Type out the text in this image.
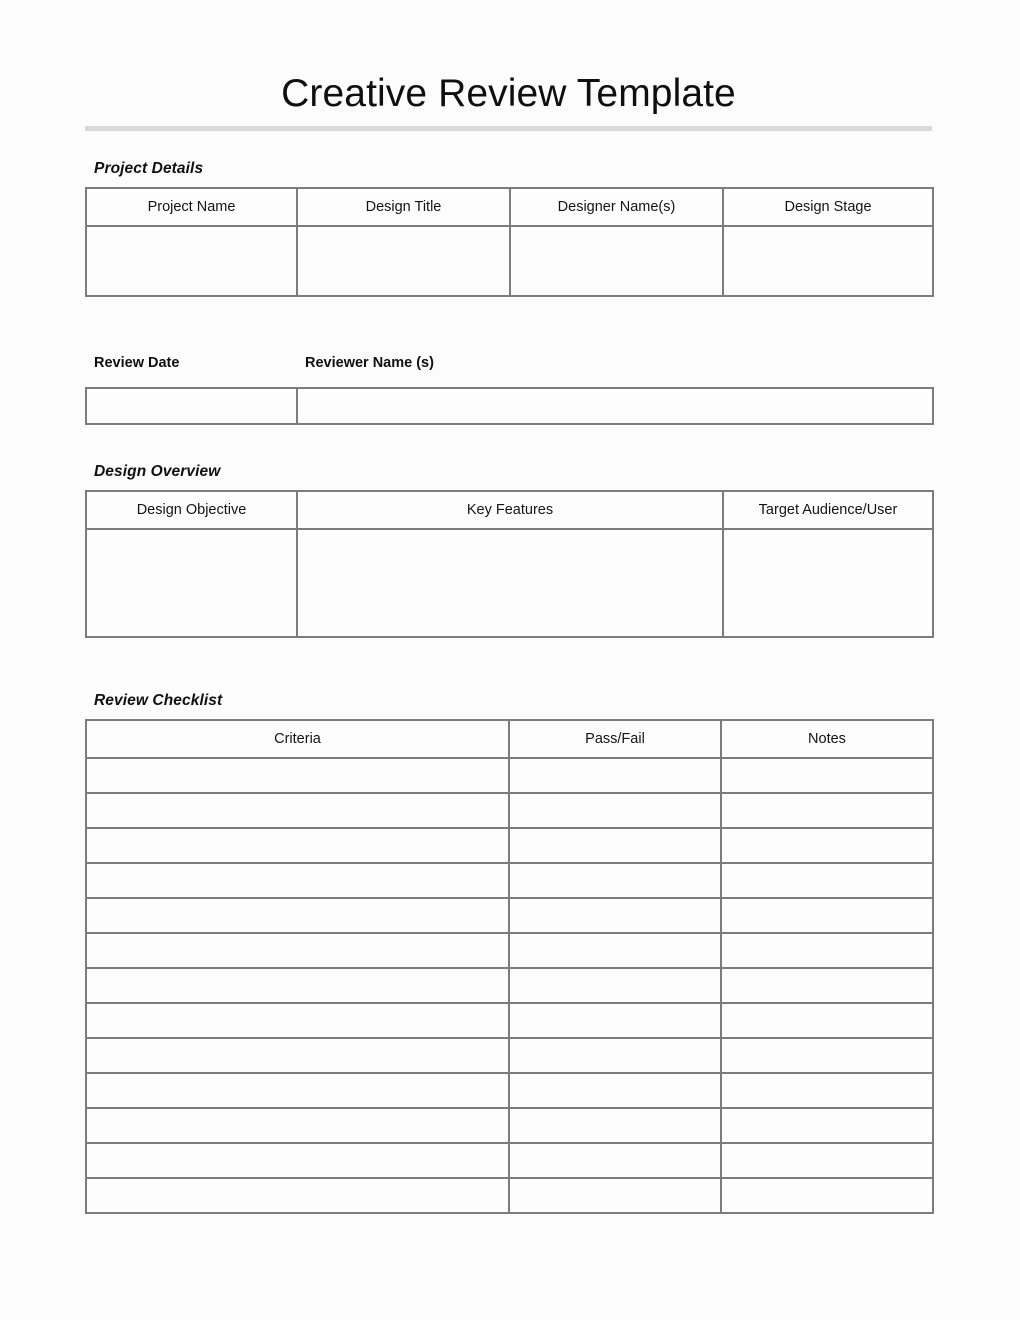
Creative Review Template
Project Details
Project Name	Design Title	Designer Name(s)	Design Stage

Review Date	Reviewer Name (s)

Design Overview
Design Objective	Key Features	Target Audience/User

Review Checklist
Criteria	Pass/Fail	Notes
